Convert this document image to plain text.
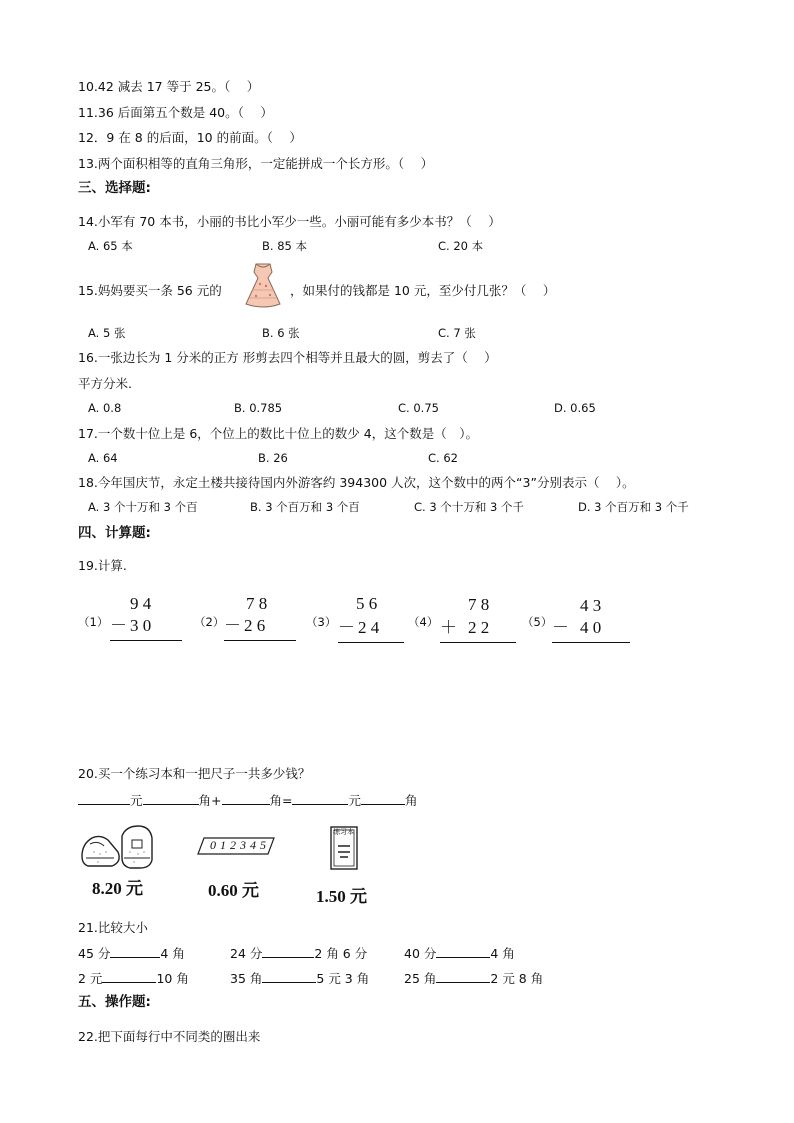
10.42 减去 17 等于 25。（　 ）
11.36 后面第五个数是 40。（　 ）
12．9 在 8 的后面，10 的前面。（　 ）
13.两个面积相等的直角三角形，一定能拼成一个长方形。（　 ）
三、选择题:
14.小军有 70 本书，小丽的书比小军少一些。小丽可能有多少本书？（　 ）
A. 65 本	B. 85 本	C. 20 本
15.妈妈要买一条 56 元的	，如果付的钱都是 10 元，至少付几张？（　 ）
A. 5 张	B. 6 张	C. 7 张
16.一张边长为 1 分米的正方 形剪去四个相等并且最大的圆，剪去了（　 ）
平方分米.
A. 0.8	B. 0.785	C. 0.75	D. 0.65
17.一个数十位上是 6，个位上的数比十位上的数少 4，这个数是（　）。
A. 64	B. 26	C. 62
18.今年国庆节，永定土楼共接待国内外游客约 394300 人次，这个数中的两个“3”分别表示（　 ）。
A. 3 个十万和 3 个百	B. 3 个百万和 3 个百	C. 3 个十万和 3 个千	D. 3 个百万和 3 个千
四、计算题:
19.计算.
（1）
9 4
－ 3 0	（2）
7 8
－ 2 6	（3）
5 6
－ 2 4	（4）
7 8
＋ 2 2	（5）
4 3
－ 4 0
20.买一个练习本和一把尺子一共多少钱？
元	角+	角=	元	角
0 1 2 3 4 5
练习本
8.20 元	0.60 元	1.50 元
21.比较大小
45 分	4 角	24 分	2 角 6 分	40 分	4 角
2 元	10 角	35 角	5 元 3 角	25 角	2 元 8 角
五、操作题:
22.把下面每行中不同类的圈出来
